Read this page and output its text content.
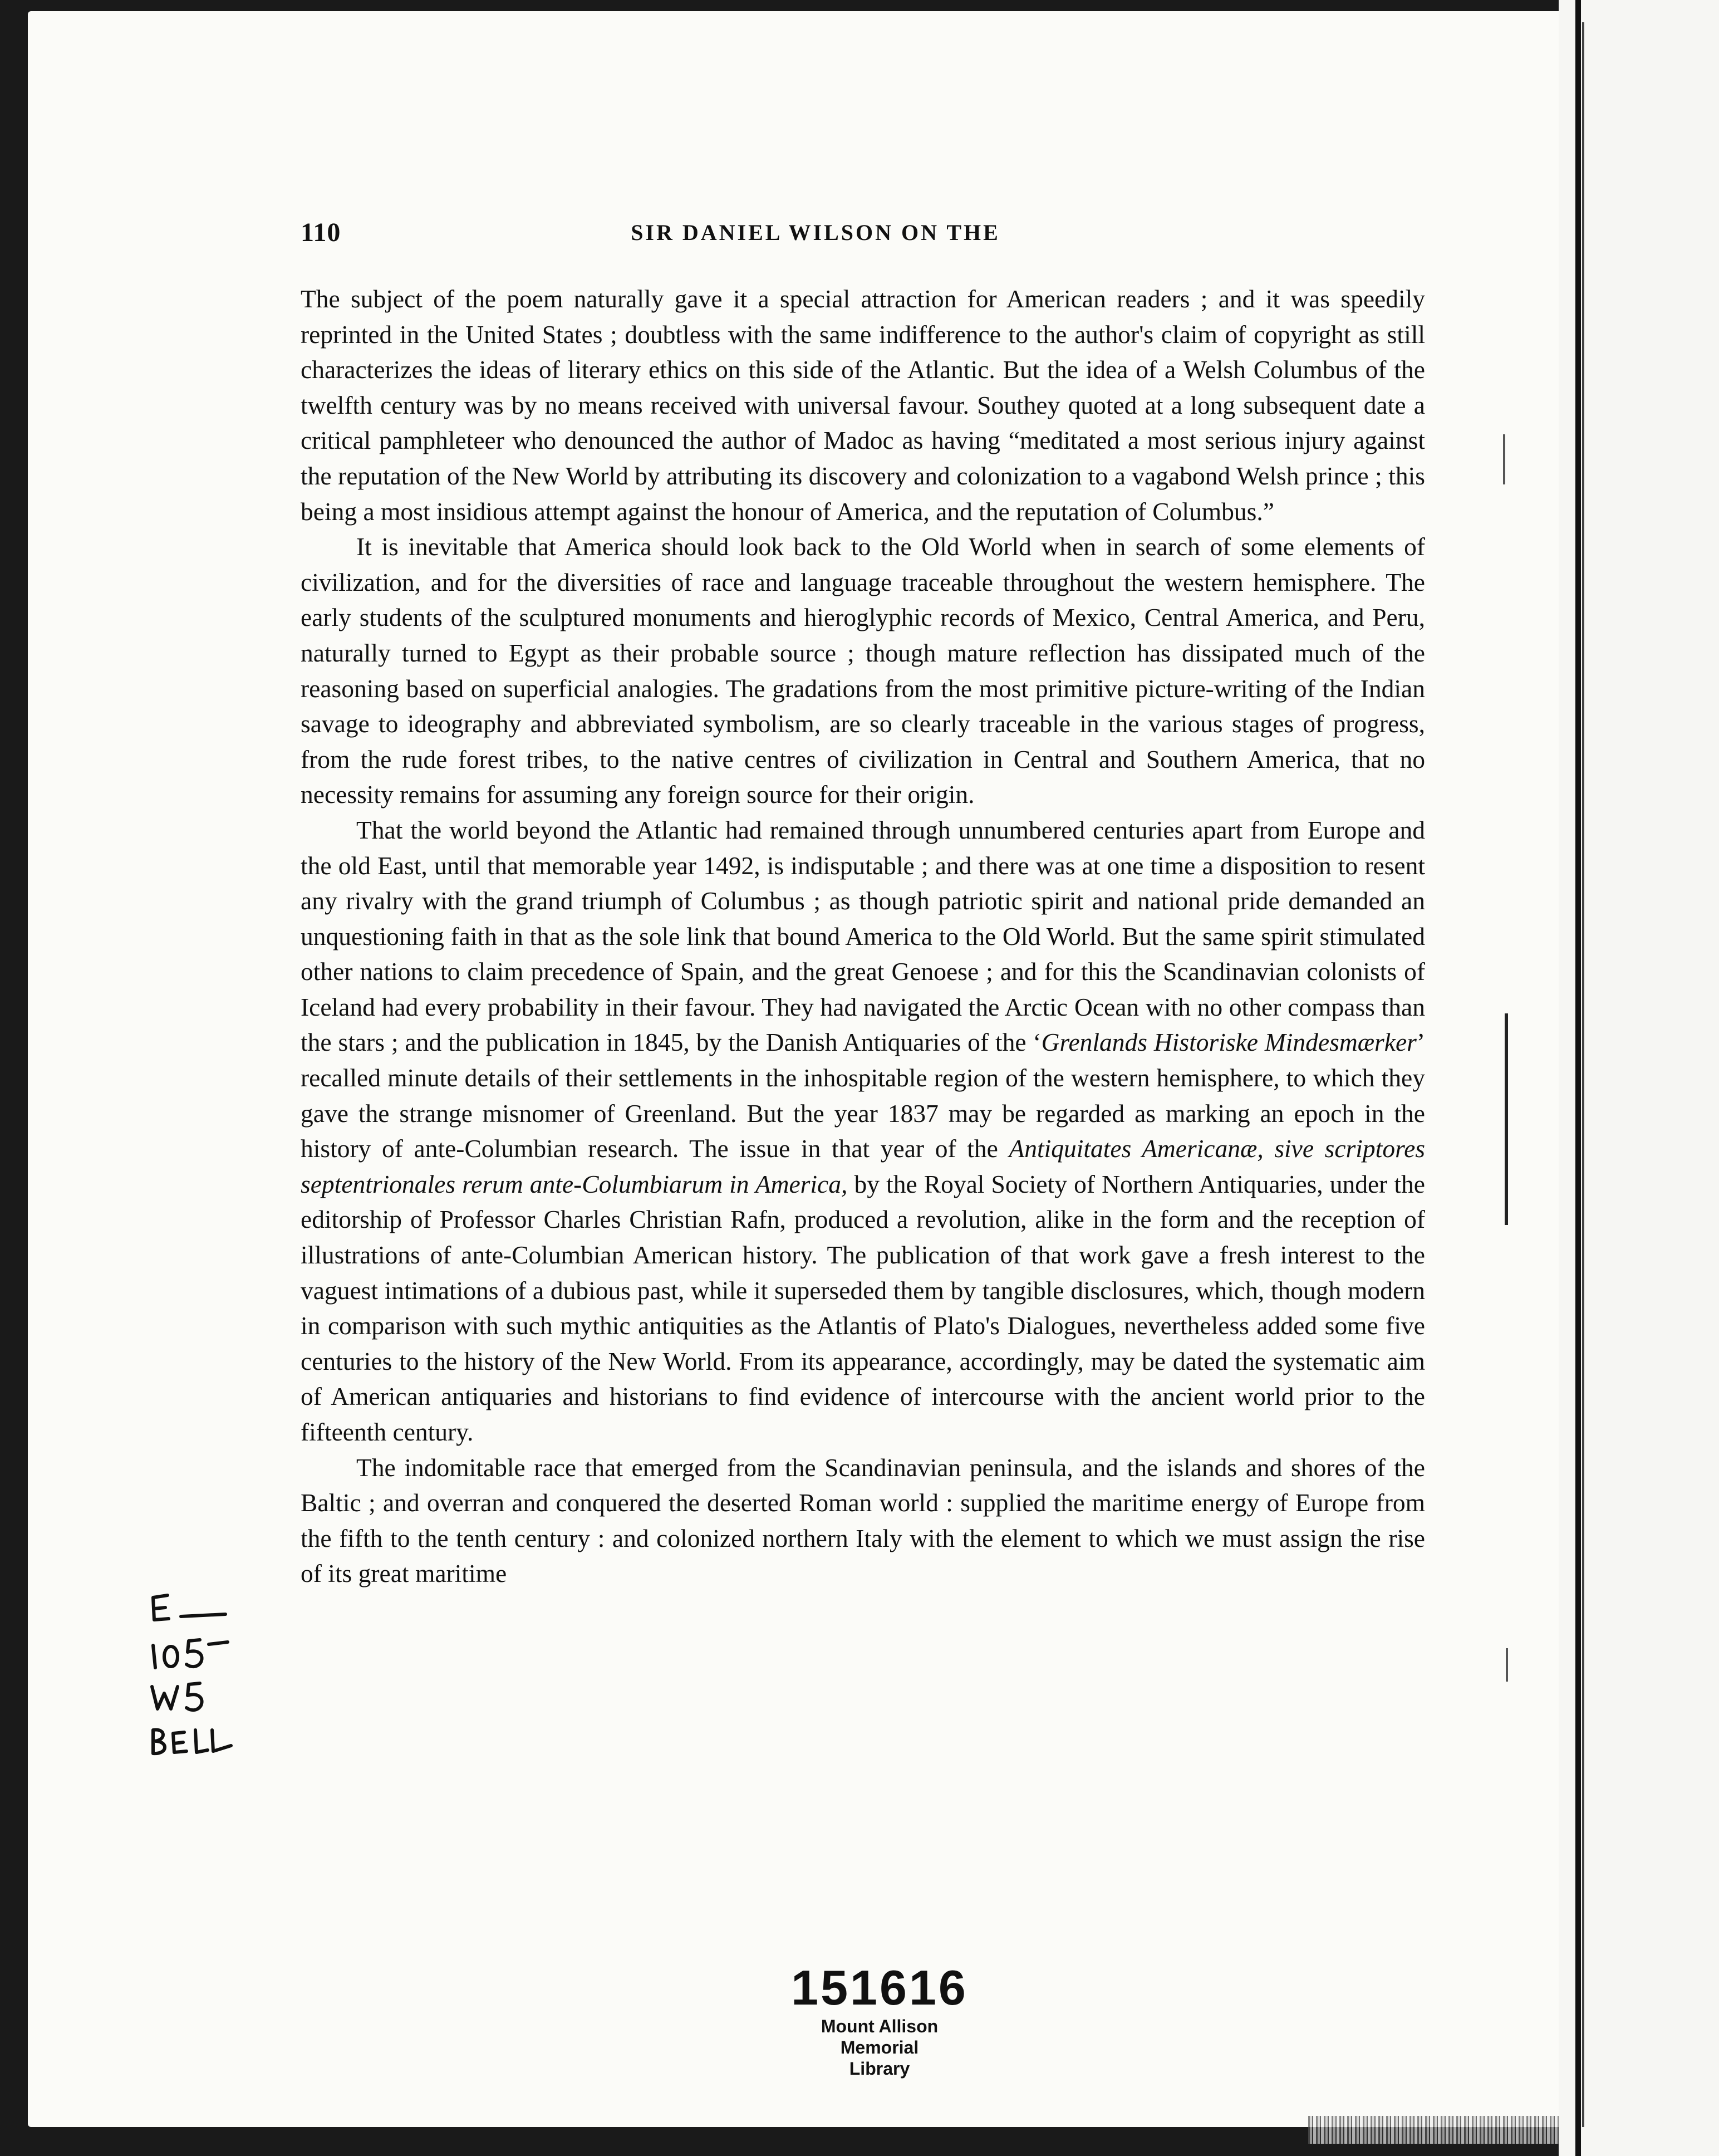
110	SIR DANIEL WILSON ON THE

The subject of the poem naturally gave it a special attraction for American readers ; and it was speedily reprinted in the United States ; doubtless with the same indifference to the author's claim of copyright as still characterizes the ideas of literary ethics on this side of the Atlantic. But the idea of a Welsh Columbus of the twelfth century was by no means received with universal favour. Southey quoted at a long subsequent date a critical pamphleteer who denounced the author of Madoc as having “meditated a most serious injury against the reputation of the New World by attributing its discovery and colonization to a vagabond Welsh prince ; this being a most insidious attempt against the honour of America, and the reputation of Columbus.”

It is inevitable that America should look back to the Old World when in search of some elements of civilization, and for the diversities of race and language traceable throughout the western hemisphere. The early students of the sculptured monuments and hieroglyphic records of Mexico, Central America, and Peru, naturally turned to Egypt as their probable source ; though mature reflection has dissipated much of the reasoning based on superficial analogies. The gradations from the most primitive picture-writing of the Indian savage to ideography and abbreviated symbolism, are so clearly traceable in the various stages of progress, from the rude forest tribes, to the native centres of civilization in Central and Southern America, that no necessity remains for assuming any foreign source for their origin.

That the world beyond the Atlantic had remained through unnumbered centuries apart from Europe and the old East, until that memorable year 1492, is indisputable ; and there was at one time a disposition to resent any rivalry with the grand triumph of Columbus ; as though patriotic spirit and national pride demanded an unquestioning faith in that as the sole link that bound America to the Old World. But the same spirit stimulated other nations to claim precedence of Spain, and the great Genoese ; and for this the Scandinavian colonists of Iceland had every probability in their favour. They had navigated the Arctic Ocean with no other compass than the stars ; and the publication in 1845, by the Danish Antiquaries of the ‘Grenlands Historiske Mindesmærker’ recalled minute details of their settlements in the inhospitable region of the western hemisphere, to which they gave the strange misnomer of Greenland. But the year 1837 may be regarded as marking an epoch in the history of ante-Columbian research. The issue in that year of the Antiquitates Americanæ, sive scriptores septentrionales rerum ante-Columbiarum in America, by the Royal Society of Northern Antiquaries, under the editorship of Professor Charles Christian Rafn, produced a revolution, alike in the form and the reception of illustrations of ante-Columbian American history. The publication of that work gave a fresh interest to the vaguest intimations of a dubious past, while it superseded them by tangible disclosures, which, though modern in comparison with such mythic antiquities as the Atlantis of Plato's Dialogues, nevertheless added some five centuries to the history of the New World. From its appearance, accordingly, may be dated the systematic aim of American antiquaries and historians to find evidence of intercourse with the ancient world prior to the fifteenth century.

The indomitable race that emerged from the Scandinavian peninsula, and the islands and shores of the Baltic ; and overran and conquered the deserted Roman world : supplied the maritime energy of Europe from the fifth to the tenth century : and colonized northern Italy with the element to which we must assign the rise of its great maritime

151616
Mount Allison
Memorial
Library
